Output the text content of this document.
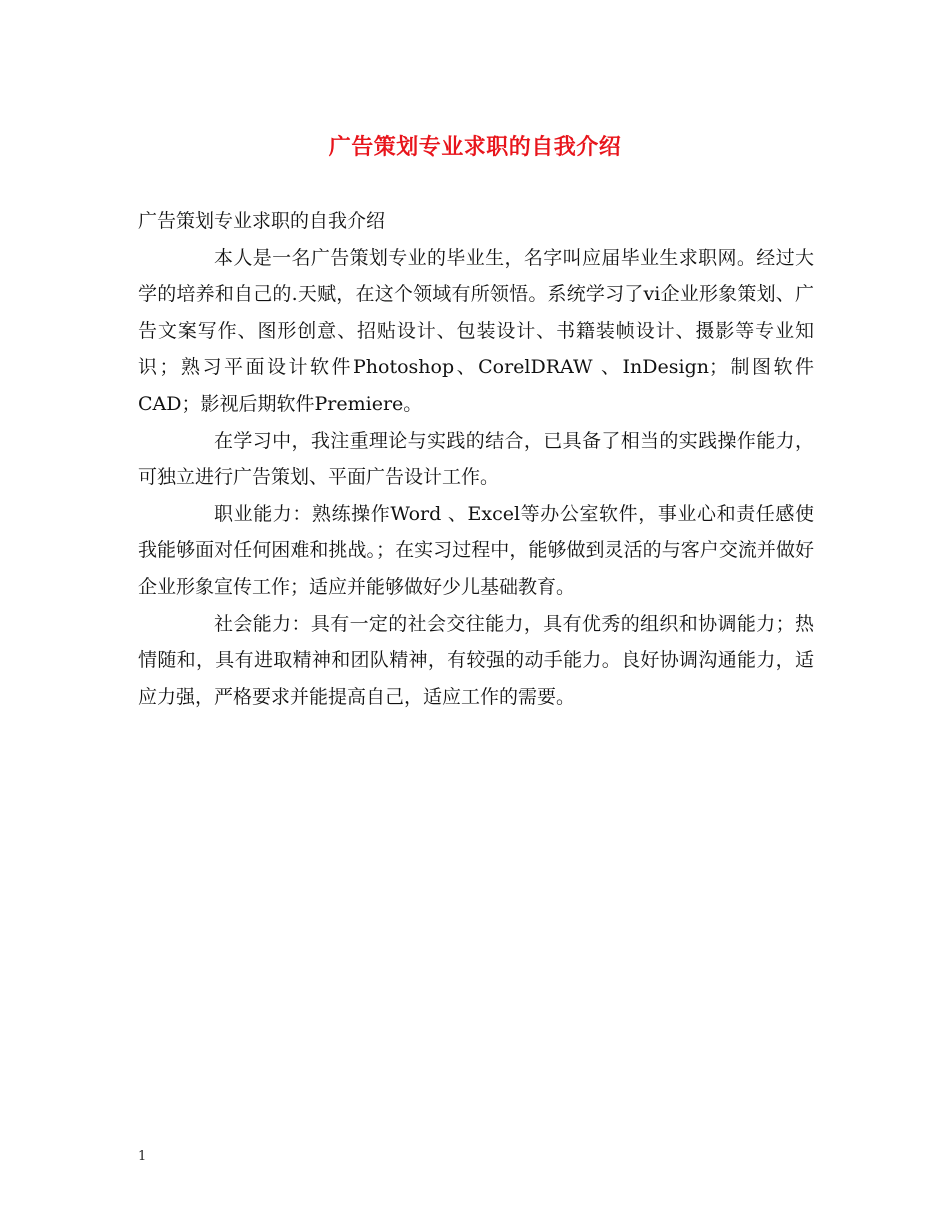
广告策划专业求职的自我介绍

广告策划专业求职的自我介绍

本人是一名广告策划专业的毕业生，名字叫应届毕业生求职网。经过大学的培养和自己的.天赋，在这个领域有所领悟。系统学习了vi企业形象策划、广告文案写作、图形创意、招贴设计、包装设计、书籍装帧设计、摄影等专业知识；熟习平面设计软件Photoshop、CorelDRAW 、InDesign；制图软件CAD；影视后期软件Premiere。

在学习中，我注重理论与实践的结合，已具备了相当的实践操作能力，可独立进行广告策划、平面广告设计工作。

职业能力：熟练操作Word 、Excel等办公室软件，事业心和责任感使我能够面对任何困难和挑战。；在实习过程中，能够做到灵活的与客户交流并做好企业形象宣传工作；适应并能够做好少儿基础教育。

社会能力：具有一定的社会交往能力，具有优秀的组织和协调能力；热情随和，具有进取精神和团队精神，有较强的动手能力。良好协调沟通能力，适应力强，严格要求并能提高自己，适应工作的需要。

1
